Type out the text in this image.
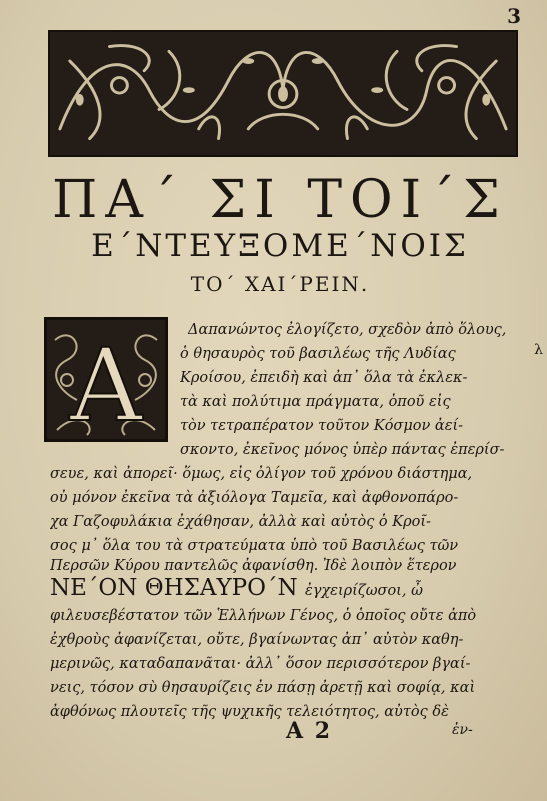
3
ΠΑ΄ ΣΙ ΤΟΙ΄Σ
Ε΄ΝΤΕΥΞΟΜΕ΄ΝΟΙΣ
ΤΟ΄ ΧΑΙ΄ΡΕΙΝ.
Α	λ
Δαπανώντος ἐλογίζετο, σχεδὸν ἀπὸ ὅλους,
ὁ θησαυρὸς τοῦ βασιλέως τῆς Λυδίας
Κροίσου, ἐπειδὴ καὶ ἀπ᾿ ὅλα τὰ ἐκλεκ-
τὰ καὶ πολύτιμα πράγματα, ὁποῦ εἰς
τὸν τετραπέρατον τοῦτον Κόσμον ἀεί-
σκοντο, ἐκεῖνος μόνος ὑπὲρ πάντας ἐπερίσ-
σευε, καὶ ἀπορεῖ· ὅμως, εἰς ὀλίγον τοῦ χρόνου διάστημα,
οὐ μόνον ἐκεῖνα τὰ ἀξιόλογα Ταμεῖα, καὶ ἀφθονοπάρο-
χα Γαζοφυλάκια ἐχάθησαν, ἀλλὰ καὶ αὐτὸς ὁ Κροῖ-
σος μ᾿ ὅλα του τὰ στρατεύματα ὑπὸ τοῦ Βασιλέως τῶν
Περσῶν Κύρου παντελῶς ἀφανίσθη. Ἰδὲ λοιπὸν ἕτερον
ΝΕ΄ΟΝ ΘΗΣΑΥΡΟ΄Ν ἐγχειρίζωσοι, ὦ
φιλευσεβέστατον τῶν Ἑλλήνων Γένος, ὁ ὁποῖος οὔτε ἀπὸ
ἐχθροὺς ἀφανίζεται, οὔτε, βγαίνωντας ἀπ᾿ αὐτὸν καθη-
μερινῶς, καταδαπανᾶται· ἀλλ᾿ ὅσον περισσότερον βγαί-
νεις, τόσον σὺ θησαυρίζεις ἐν πάσῃ ἀρετῇ καὶ σοφίᾳ, καὶ
ἀφθόνως πλουτεῖς τῆς ψυχικῆς τελειότητος, αὐτὸς δὲ
Α 2	ἐν-
